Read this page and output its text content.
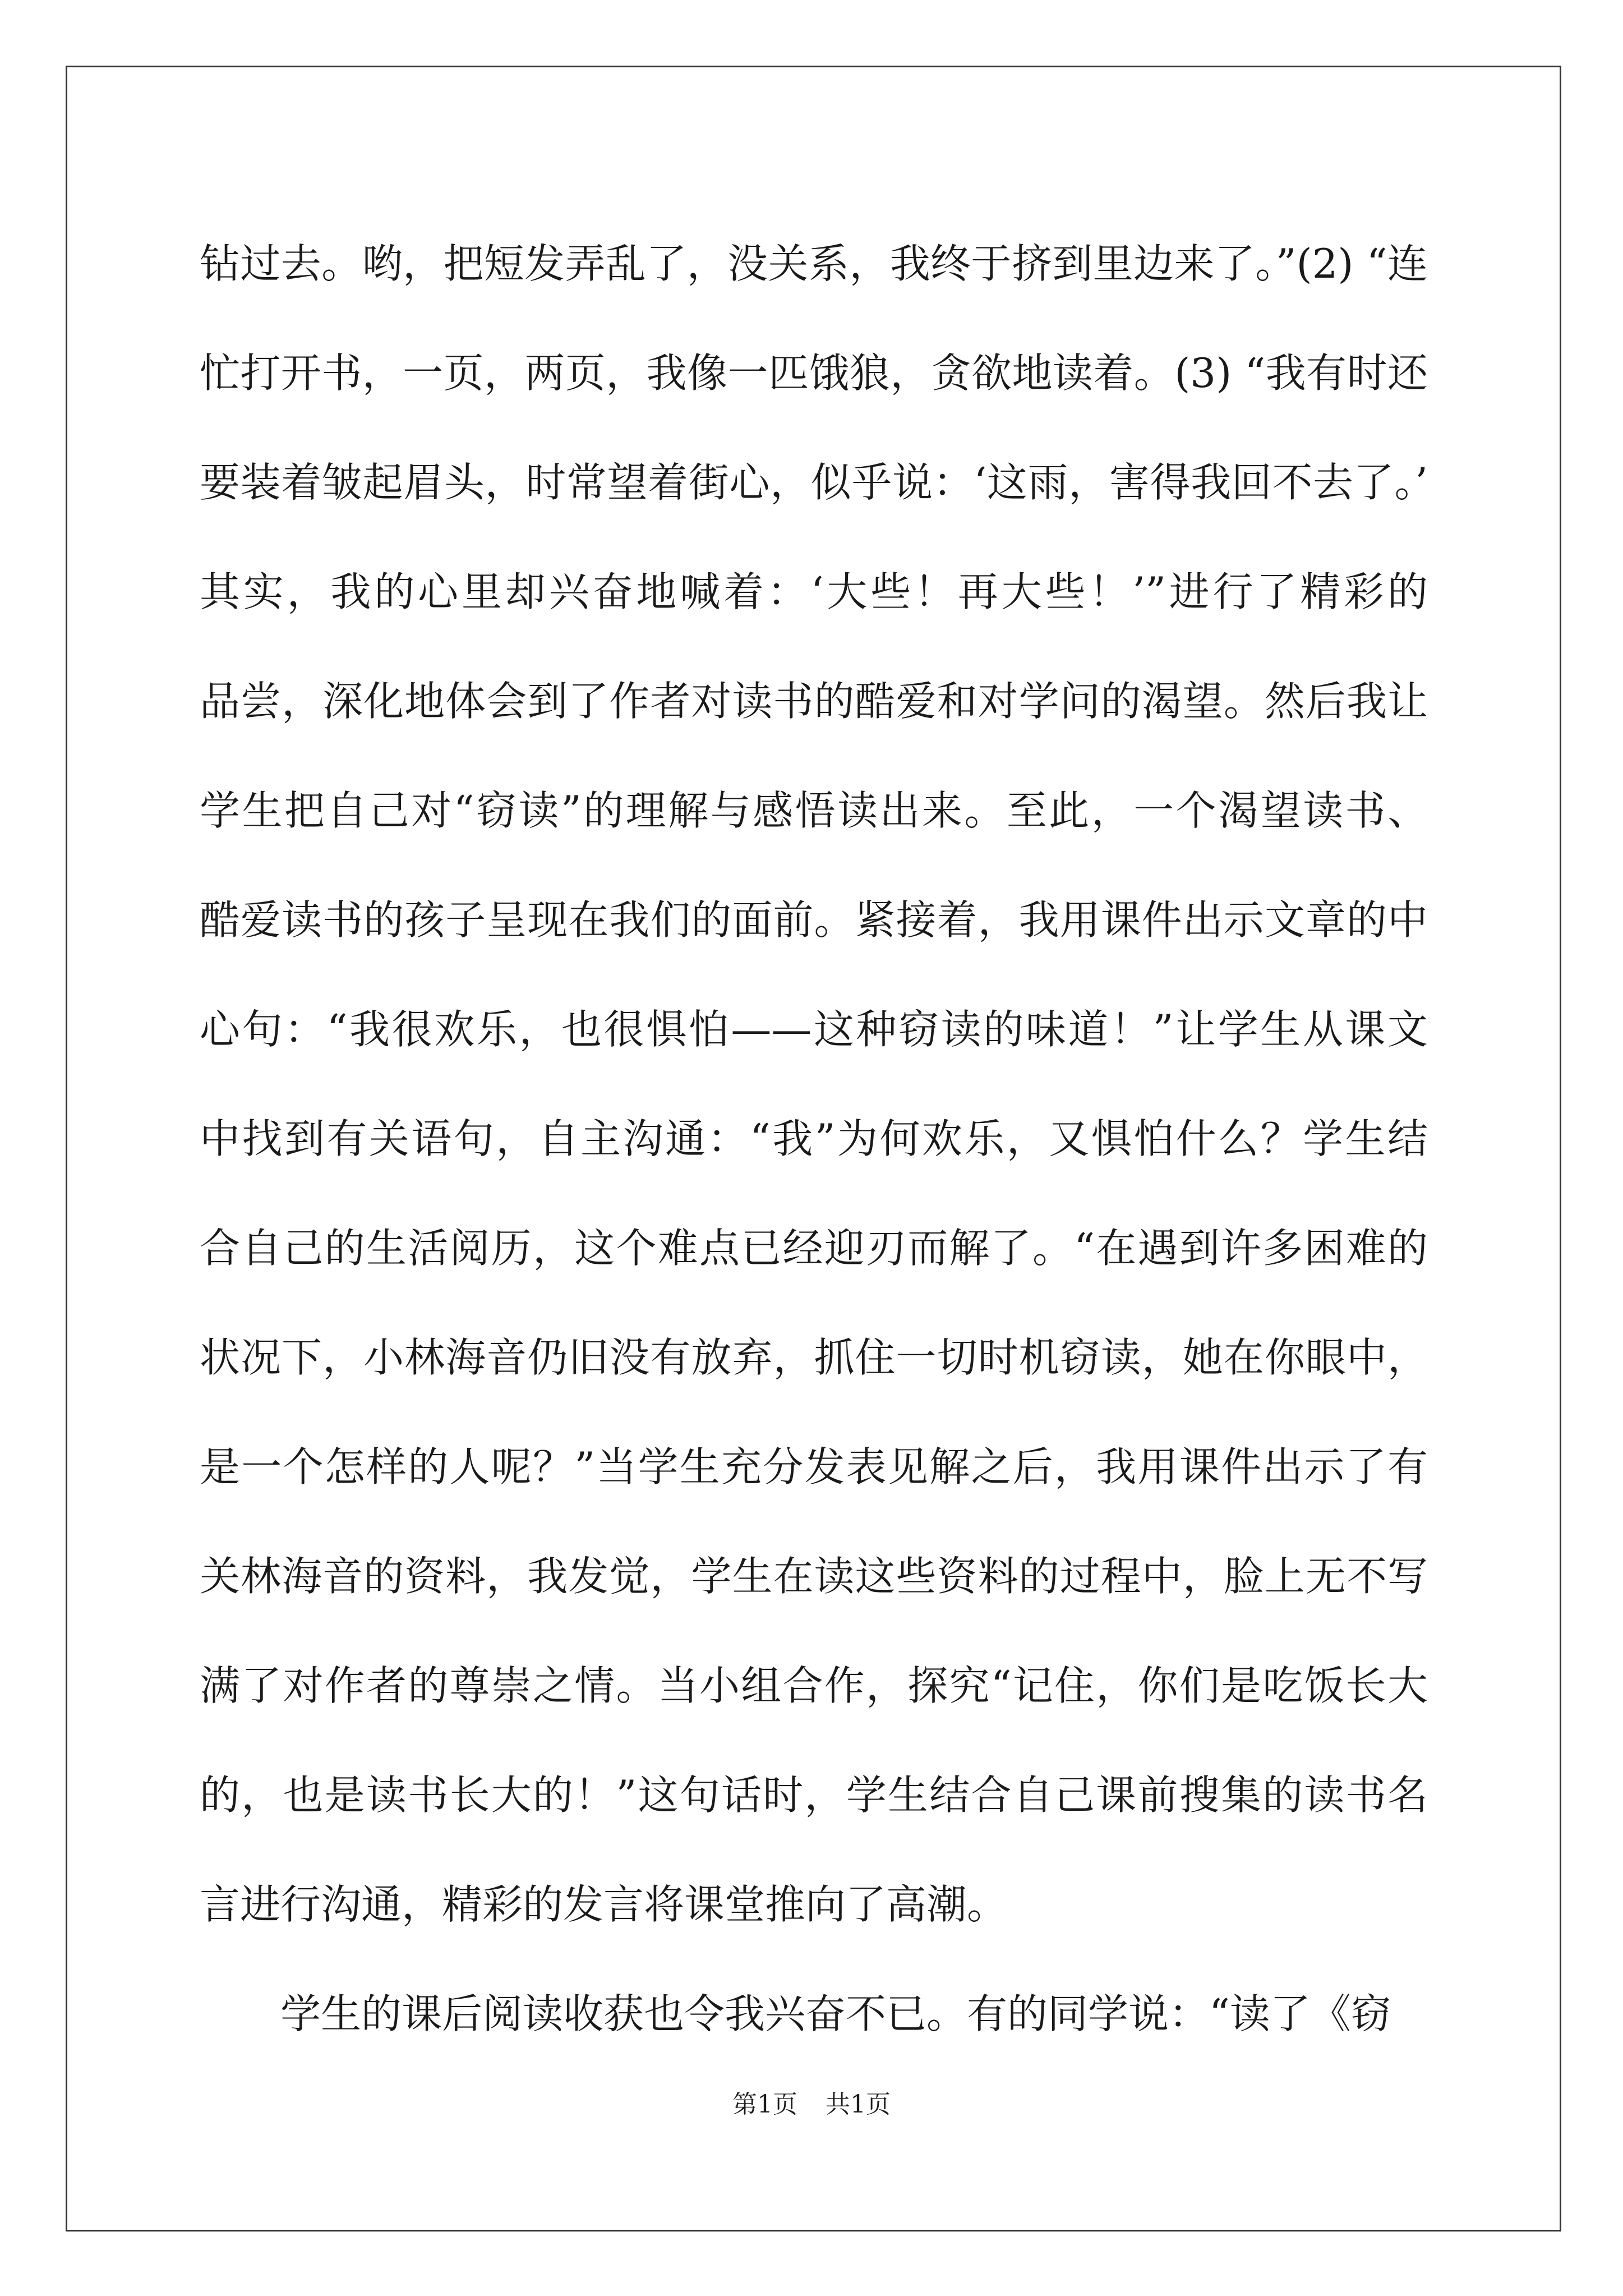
钻过去。哟，把短发弄乱了，没关系，我终于挤到里边来了。”(2) “连
忙打开书，一页，两页，我像一匹饿狼，贪欲地读着。(3) “我有时还
要装着皱起眉头，时常望着街心，似乎说：‘这雨，害得我回不去了。’
其实，我的心里却兴奋地喊着：‘大些！再大些！’”进行了精彩的
品尝，深化地体会到了作者对读书的酷爱和对学问的渴望。然后我让
学生把自己对“窃读”的理解与感悟读出来。至此，一个渴望读书、
酷爱读书的孩子呈现在我们的面前。紧接着，我用课件出示文章的中
心句：“我很欢乐，也很惧怕——这种窃读的味道！”让学生从课文
中找到有关语句，自主沟通：“我”为何欢乐，又惧怕什么？学生结
合自己的生活阅历，这个难点已经迎刃而解了。“在遇到许多困难的
状况下，小林海音仍旧没有放弃，抓住一切时机窃读，她在你眼中，
是一个怎样的人呢？”当学生充分发表见解之后，我用课件出示了有
关林海音的资料，我发觉，学生在读这些资料的过程中，脸上无不写
满了对作者的尊崇之情。当小组合作，探究“记住，你们是吃饭长大
的，也是读书长大的！”这句话时，学生结合自己课前搜集的读书名
言进行沟通，精彩的发言将课堂推向了高潮。
学生的课后阅读收获也令我兴奋不已。有的同学说：“读了《窃
第1页 共1页
